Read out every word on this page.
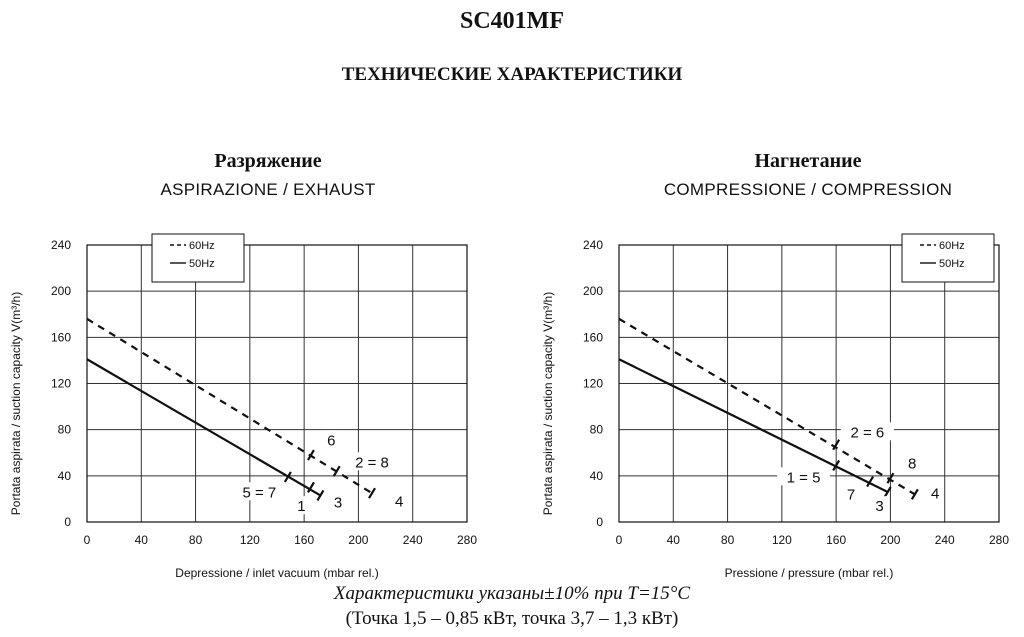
SC401MF
ТЕХНИЧЕСКИЕ ХАРАКТЕРИСТИКИ
Разряжение
ASPIRAZIONE / EXHAUST
Нагнетание
COMPRESSIONE / COMPRESSION
0	40	80	120	160	200	240	280
0
40
80
120
160
200
240
6
2 = 8
5 = 7
1 3	4
60Hz
50Hz
Depressione / inlet vacuum (mbar rel.)
Portata aspirata / suction capacity V(m³/h)
0	40	80	120	160	200	240	280
0
40
80
120
160
200
240
2 = 6
8
1 = 5
7
3
4
60Hz
50Hz
Pressione / pressure (mbar rel.)
Portata aspirata / suction capacity V(m³/h)
Характеристики указаны±10% при T=15°C
(Точка 1,5 – 0,85 кВт, точка 3,7 – 1,3 кВт)
